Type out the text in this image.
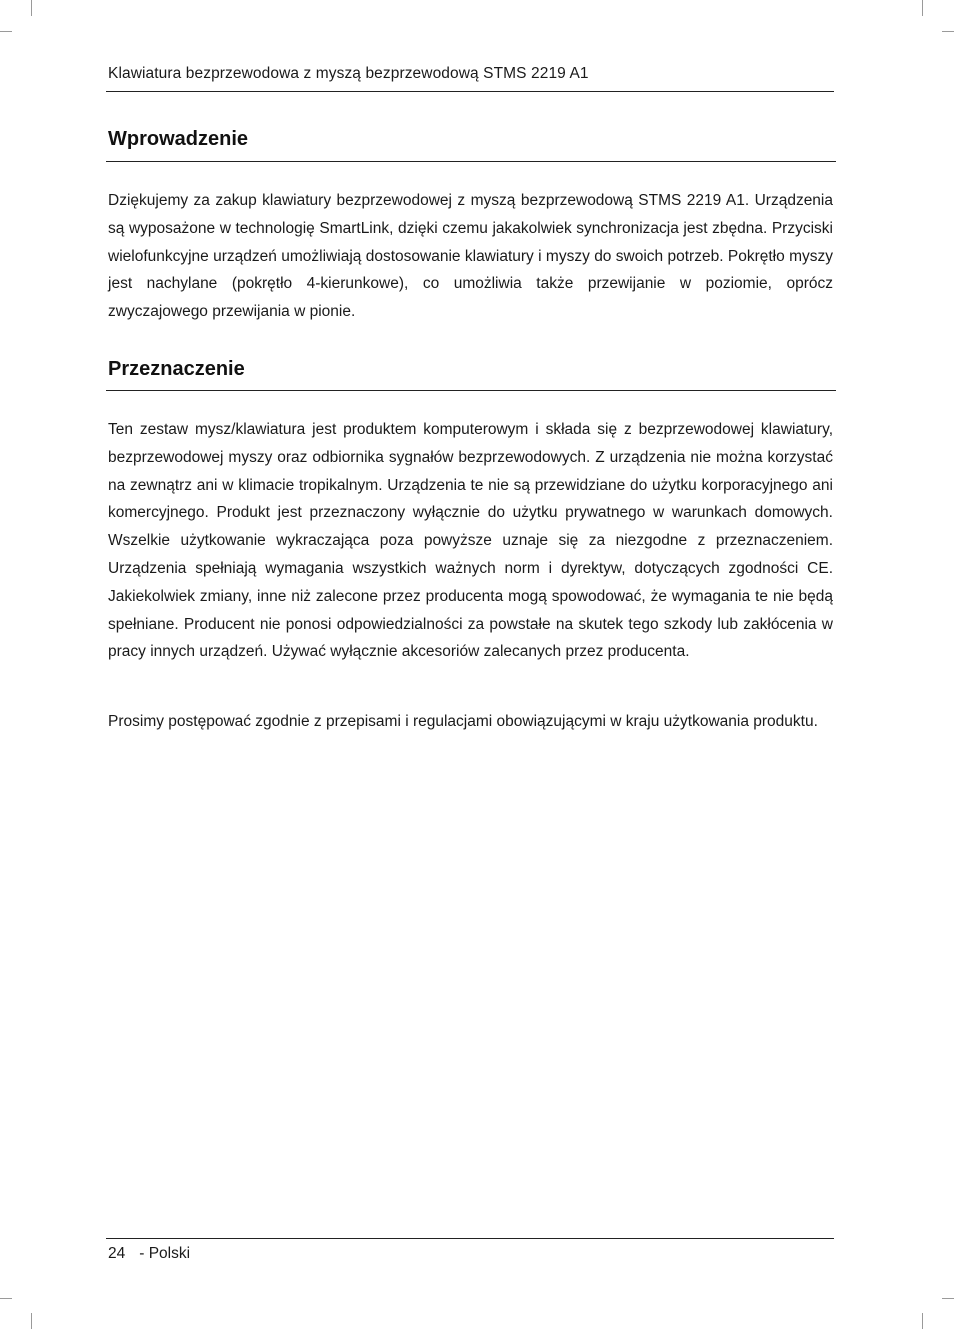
Klawiatura bezprzewodowa z myszą bezprzewodową STMS 2219 A1
Wprowadzenie

Dziękujemy za zakup klawiatury bezprzewodowej z myszą bezprzewodową STMS 2219 A1. Urządzenia są wyposażone w technologię SmartLink, dzięki czemu jakakolwiek synchronizacja jest zbędna. Przyciski wielofunkcyjne urządzeń umożliwiają dostosowanie klawiatury i myszy do swoich potrzeb. Pokrętło myszy jest nachylane (pokrętło 4-kierunkowe), co umożliwia także przewijanie w poziomie, oprócz zwyczajowego przewijania w pionie.

Przeznaczenie

Ten zestaw mysz/klawiatura jest produktem komputerowym i składa się z bezprzewodowej klawiatury, bezprzewodowej myszy oraz odbiornika sygnałów bezprzewodowych. Z urządzenia nie można korzystać na zewnątrz ani w klimacie tropikalnym. Urządzenia te nie są przewidziane do użytku korporacyjnego ani komercyjnego. Produkt jest przeznaczony wyłącznie do użytku prywatnego w warunkach domowych. Wszelkie użytkowanie wykraczająca poza powyższe uznaje się za niezgodne z przeznaczeniem. Urządzenia spełniają wymagania wszystkich ważnych norm i dyrektyw, dotyczących zgodności CE. Jakiekolwiek zmiany, inne niż zalecone przez producenta mogą spowodować, że wymagania te nie będą spełniane. Producent nie ponosi odpowiedzialności za powstałe na skutek tego szkody lub zakłócenia w pracy innych urządzeń. Używać wyłącznie akcesoriów zalecanych przez producenta.

Prosimy postępować zgodnie z przepisami i regulacjami obowiązującymi w kraju użytkowania produktu.

24 - Polski
